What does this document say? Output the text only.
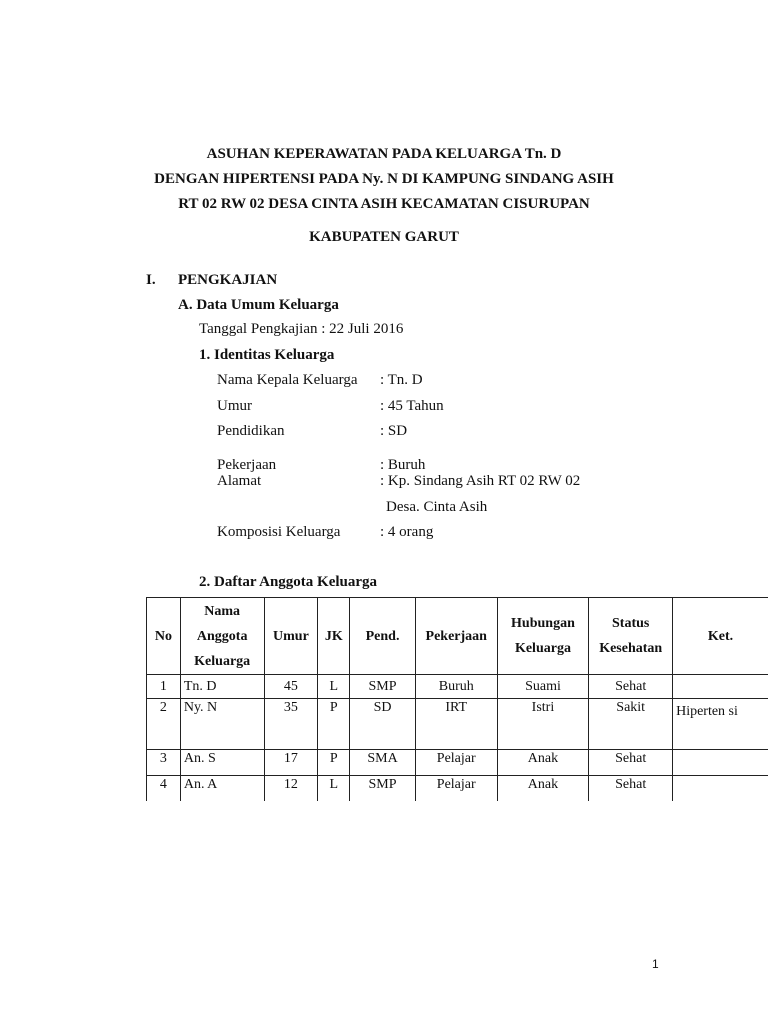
ASUHAN KEPERAWATAN PADA KELUARGA Tn. D
DENGAN HIPERTENSI PADA Ny. N DI KAMPUNG SINDANG ASIH
RT 02 RW 02 DESA CINTA ASIH KECAMATAN CISURUPAN
KABUPATEN GARUT
I. PENGKAJIAN
A. Data Umum Keluarga
Tanggal Pengkajian : 22 Juli 2016
1. Identitas Keluarga
Nama Kepala Keluarga : Tn. D
Umur	: 45 Tahun
Pendidikan	: SD
Pekerjaan	: Buruh
Alamat	: Kp. Sindang Asih RT 02 RW 02
Desa. Cinta Asih
Komposisi Keluarga	: 4 orang
2. Daftar Anggota Keluarga
No	Nama Anggota Keluarga	Umur	JK	Pend.	Pekerjaan	Hubungan Keluarga	Status Kesehatan	Ket.
1	Tn. D	45	L	SMP	Buruh	Suami	Sehat	
2	Ny. N	35	P	SD	IRT	Istri	Sakit	Hiperten si
3	An. S	17	P	SMA	Pelajar	Anak	Sehat	
4	An. A	12	L	SMP	Pelajar	Anak	Sehat	
1
